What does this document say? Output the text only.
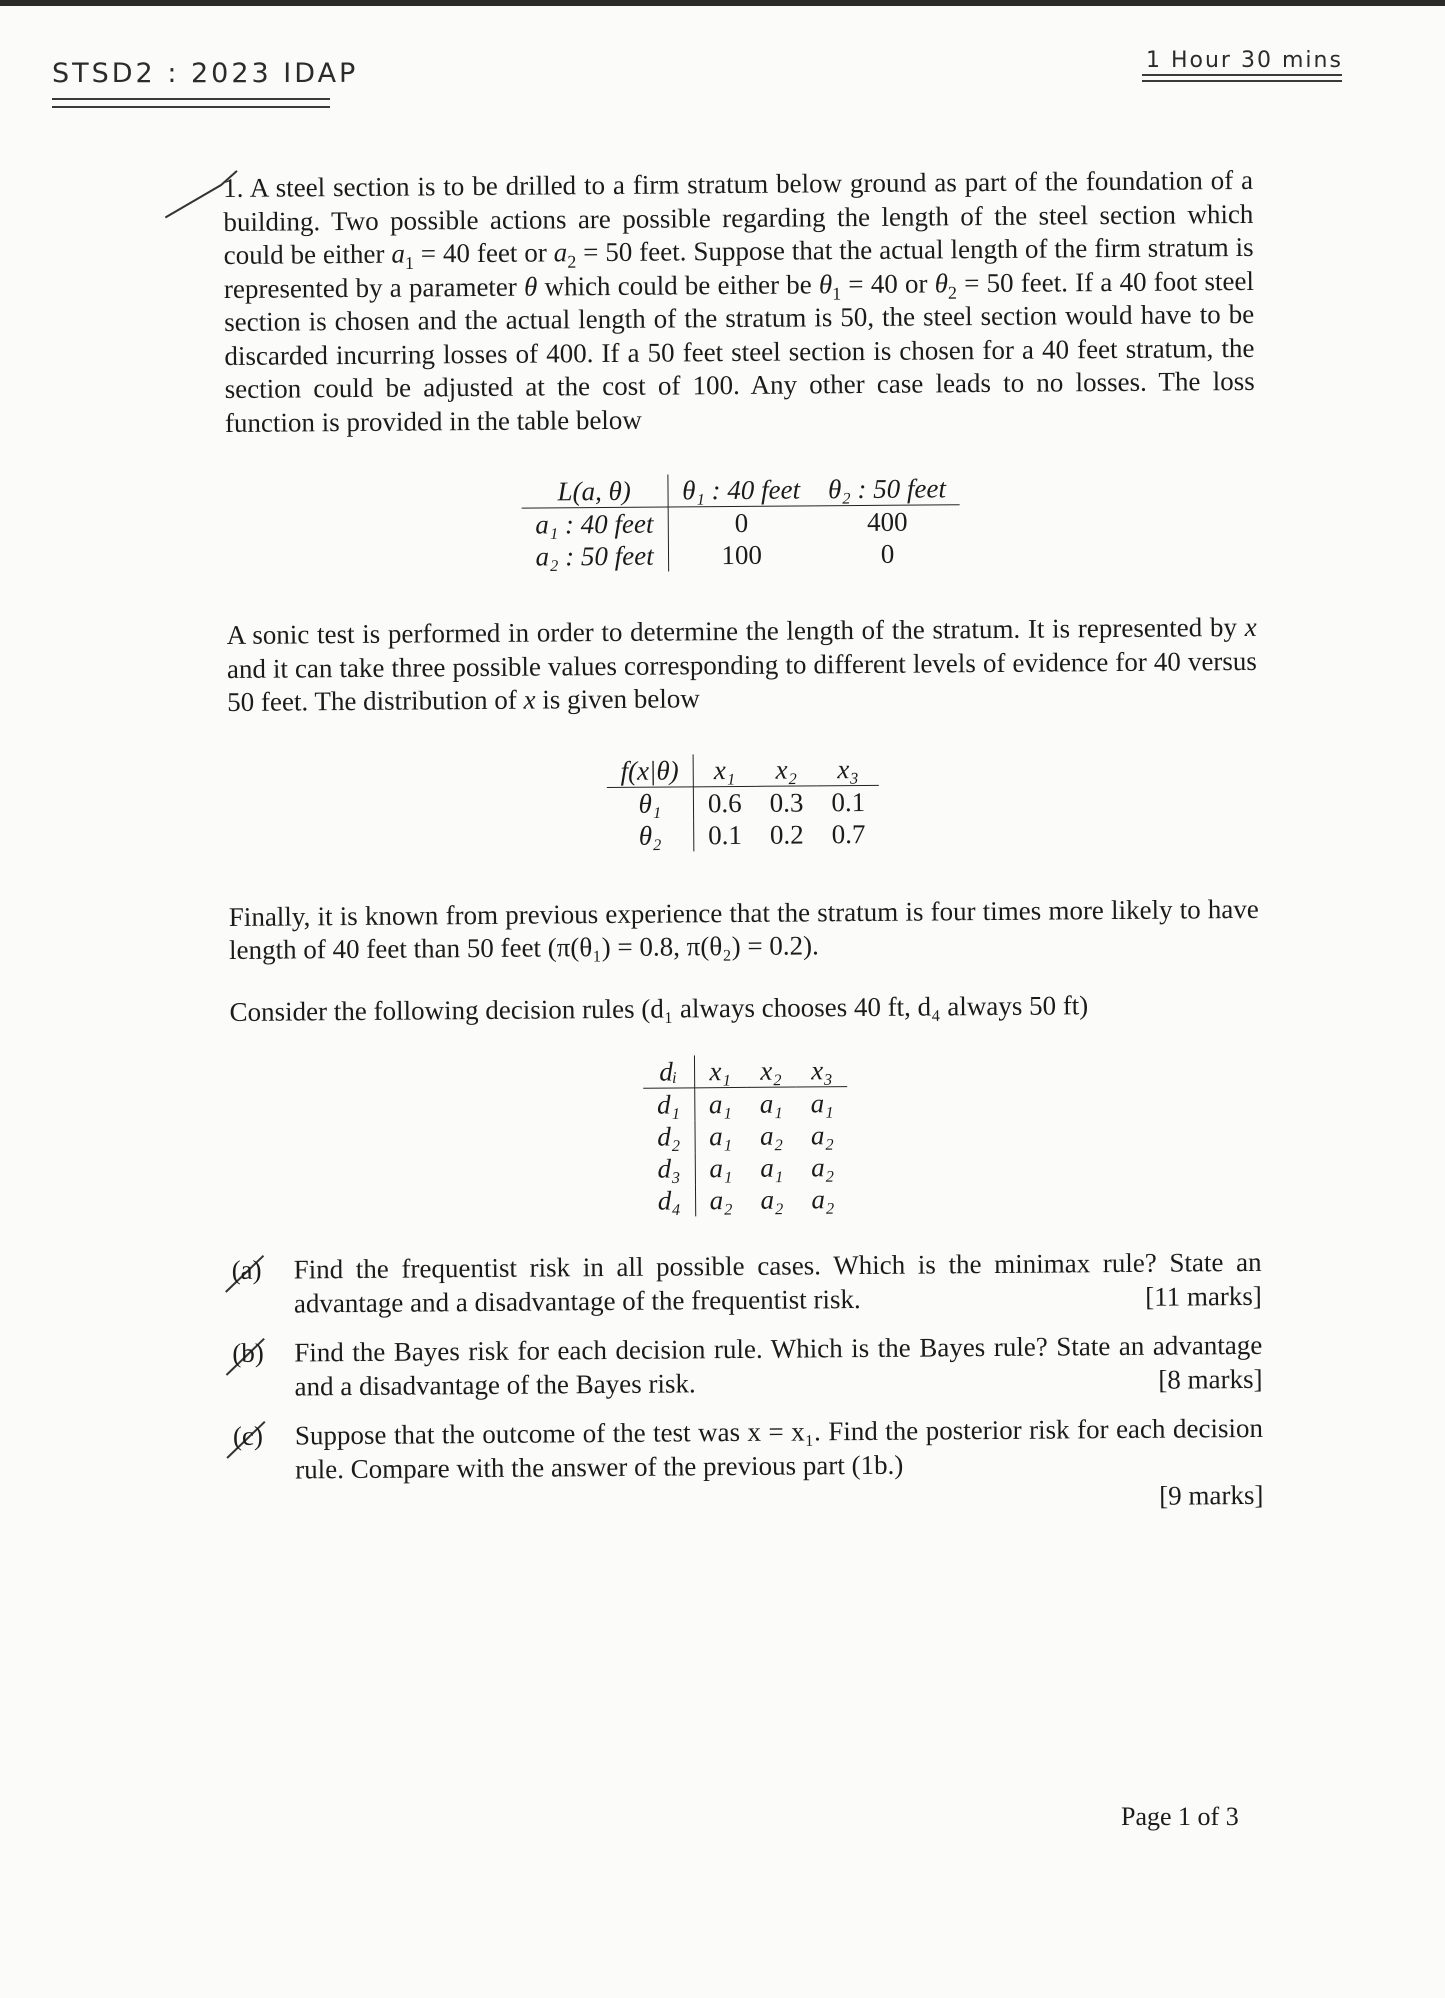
STSD2 : 2023 IDAP	1 Hour 30 mins

1. A steel section is to be drilled to a firm stratum below ground as part of the foundation of a building. Two possible actions are possible regarding the length of the steel section which could be either $a_1 = 40$ feet or $a_2 = 50$ feet. Suppose that the actual length of the firm stratum is represented by a parameter θ which could be either be $\theta_1 = 40$ or $\theta_2 = 50$ feet. If a 40 foot steel section is chosen and the actual length of the stratum is 50, the steel section would have to be discarded incurring losses of 400. If a 50 feet steel section is chosen for a 40 feet stratum, the section could be adjusted at the cost of 100. Any other case leads to no losses. The loss function is provided in the table below

L(a, θ)	θ₁ : 40 feet	θ₂ : 50 feet
a₁ : 40 feet	0	400
a₂ : 50 feet	100	0

A sonic test is performed in order to determine the length of the stratum. It is represented by x and it can take three possible values corresponding to different levels of evidence for 40 versus 50 feet. The distribution of x is given below

f(x|θ)	x₁	x₂	x₃
θ₁	0.6	0.3	0.1
θ₂	0.1	0.2	0.7

Finally, it is known from previous experience that the stratum is four times more likely to have length of 40 feet than 50 feet (π(θ₁) = 0.8, π(θ₂) = 0.2).

Consider the following decision rules (d₁ always chooses 40 ft, d₄ always 50 ft)

dᵢ	x₁	x₂	x₃
d₁	a₁	a₁	a₁
d₂	a₁	a₂	a₂
d₃	a₁	a₁	a₂
d₄	a₂	a₂	a₂
(a) Find the frequentist risk in all possible cases. Which is the minimax rule? State an advantage and a disadvantage of the frequentist risk.	[11 marks]
(b) Find the Bayes risk for each decision rule. Which is the Bayes rule? State an advantage and a disadvantage of the Bayes risk.	[8 marks]
(c) Suppose that the outcome of the test was x = x₁. Find the posterior risk for each decision rule. Compare with the answer of the previous part (1b.)
[9 marks]
Page 1 of 3
